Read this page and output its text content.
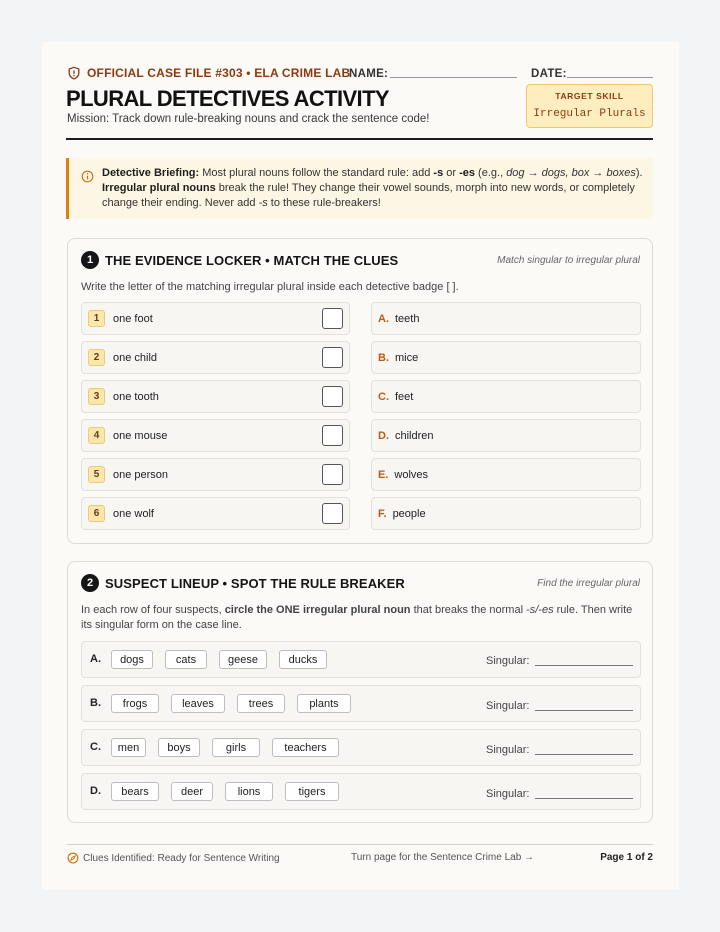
OFFICIAL CASE FILE #303 • ELA CRIME LAB
NAME:	DATE:
PLURAL DETECTIVES ACTIVITY
Mission: Track down rule-breaking nouns and crack the sentence code!
TARGET SKILL
Irregular Plurals
Detective Briefing: Most plural nouns follow the standard rule: add -s or -es (e.g., dog → dogs, box → boxes). Irregular plural nouns break the rule! They change their vowel sounds, morph into new words, or completely change their ending. Never add -s to these rule-breakers!
1 THE EVIDENCE LOCKER • MATCH THE CLUES	Match singular to irregular plural
Write the letter of the matching irregular plural inside each detective badge [ ].
1	one foot
2	one child
3	one tooth
4	one mouse
5	one person
6	one wolf
A. teeth
B. mice
C. feet
D. children
E. wolves
F. people
2 SUSPECT LINEUP • SPOT THE RULE BREAKER	Find the irregular plural
In each row of four suspects, circle the ONE irregular plural noun that breaks the normal -s/-es rule. Then write its singular form on the case line.
A.	dogs	cats	geese	ducks	Singular:
B.	frogs	leaves	trees	plants	Singular:
C.	men	boys	girls	teachers	Singular:
D.	bears	deer	lions	tigers	Singular:
Clues Identified: Ready for Sentence Writing	Turn page for the Sentence Crime Lab →	Page 1 of 2
